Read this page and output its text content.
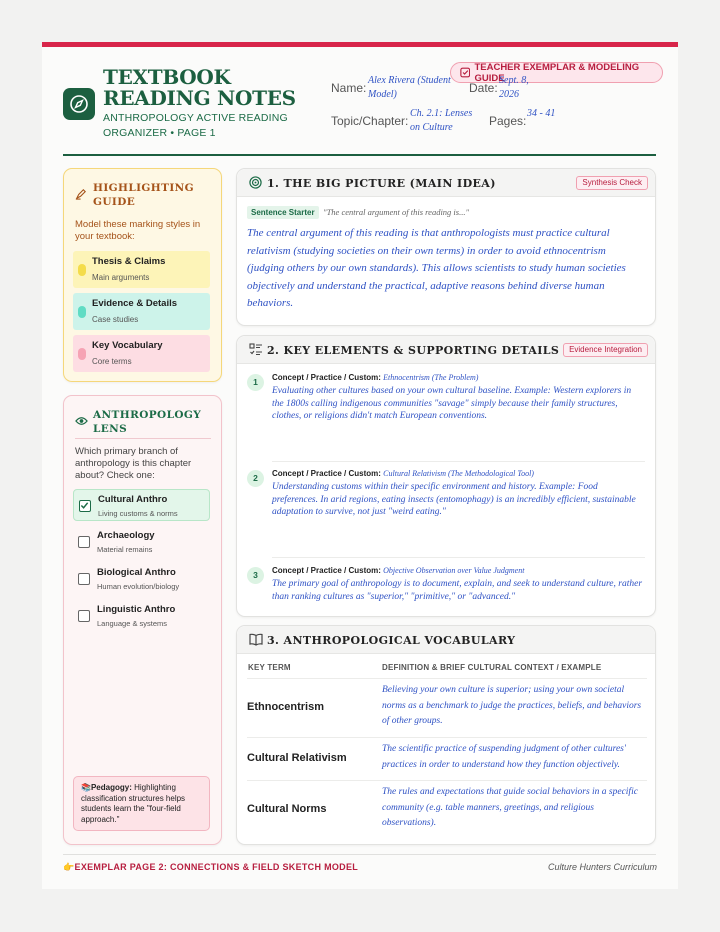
TEACHER EXEMPLAR & MODELING GUIDE
TEXTBOOK READING NOTES
ANTHROPOLOGY ACTIVE READING ORGANIZER • PAGE 1
Name:
Alex Rivera (Student Model)	Date:
Sept. 8, 2026
Topic/Chapter:
Ch. 2.1: Lenses on Culture	Pages:
34 - 41
HIGHLIGHTING GUIDE
Model these marking styles in your textbook:
Thesis & Claims
Main arguments
Evidence & Details
Case studies
Key Vocabulary
Core terms
ANTHROPOLOGY LENS
Which primary branch of anthropology is this chapter about? Check one:
Cultural Anthro
Living customs & norms
Archaeology
Material remains
Biological Anthro
Human evolution/biology
Linguistic Anthro
Language & systems
📚Pedagogy: Highlighting classification structures helps students learn the "four-field approach."
1. THE BIG PICTURE (MAIN IDEA)	Synthesis Check
Sentence Starter "The central argument of this reading is..."
The central argument of this reading is that anthropologists must practice cultural relativism (studying societies on their own terms) in order to avoid ethnocentrism (judging others by our own standards). This allows scientists to study human societies objectively and understand the practical, adaptive reasons behind diverse human behaviors.
2. KEY ELEMENTS & SUPPORTING DETAILS	Evidence Integration
1	Concept / Practice / Custom: Ethnocentrism (The Problem)
Evaluating other cultures based on your own cultural baseline. Example: Western explorers in the 1800s calling indigenous communities "savage" simply because their family structures, clothes, or religions didn't match European conventions.
2	Concept / Practice / Custom: Cultural Relativism (The Methodological Tool)
Understanding customs within their specific environment and history. Example: Food preferences. In arid regions, eating insects (entomophagy) is an incredibly efficient, sustainable adaptation to survive, not just "weird eating."
3	Concept / Practice / Custom: Objective Observation over Value Judgment
The primary goal of anthropology is to document, explain, and seek to understand culture, rather than ranking cultures as "superior," "primitive," or "advanced."
3. ANTHROPOLOGICAL VOCABULARY
KEY TERM	DEFINITION & BRIEF CULTURAL CONTEXT / EXAMPLE
Ethnocentrism
Believing your own culture is superior; using your own societal norms as a benchmark to judge the practices, beliefs, and behaviors of other groups.
Cultural Relativism
The scientific practice of suspending judgment of other cultures' practices in order to understand how they function objectively.
Cultural Norms
The rules and expectations that guide social behaviors in a specific community (e.g. table manners, greetings, and religious observations).
👉EXEMPLAR PAGE 2: CONNECTIONS & FIELD SKETCH MODEL	Culture Hunters Curriculum
